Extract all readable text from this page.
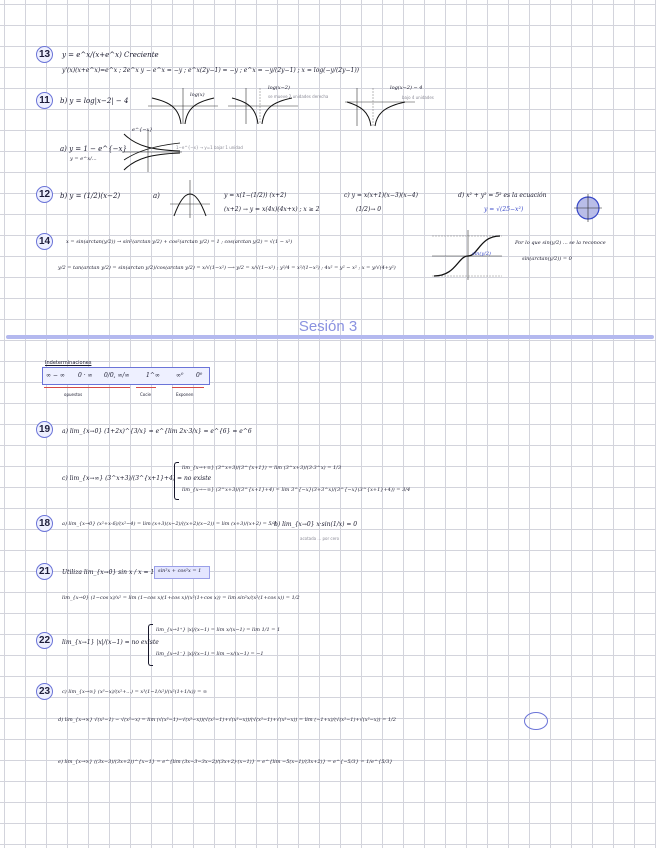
13	y = e^x/(x+e^x) Creciente
y'(x)(x+e^x)=e^x ; 2e^x y − e^x = −y ; e^x(2y−1) = −y ; e^x = −y/(2y−1) ; x = log(−y/(2y−1))
11	b) y = log|x−2| − 4
log(x)
log(x−2)
se mueve 2 unidades derecha
log(x−2) − 4
bajo 4 unidades
a) y = 1 − e^{−x}
y = e^x/...
e^{−x}
1−e^{−x} → y=1 bajar 1 unidad
12	b) y = (1/2)(x−2)	a)	y = x(1−(1/2)) (x+2)
(x+2) → y = x(4x)(4x+x) ; x ≥ 2
c) y = x(x+1)(x−3)(x−4)
(1/2)→ 0
d) x² + y² = 5² es la ecuación
y = √(25−x²)
14	x = sin(arctan(y/2)) → sin²(arctan y/2) + cos²(arctan y/2) = 1 ; cos(arctan y/2) = √(1 − x²)
y/2 = tan(arctan y/2) = sin(arctan y/2)/cos(arctan y/2) = x/√(1−x²) ⟶ y/2 = x/√(1−x²) ; y²/4 = x²/(1−x²) ; 4x² = y² − x² ; x = y/√(4+y²)
sin(y/2)
Por lo que sin(y/2) ... se la reconoce
sin(arctan(y/2)) = 0
Sesión 3
Indeterminaciones
∞ − ∞ 0 · ∞ 0/0, ∞/∞	1^∞	∞⁰ 0⁰
opuestos	Cocie	Exponen
19	a) lim_{x→0} (1+2x)^{3/x} = e^{lim 2x·3/x} = e^{6} = e^6
c) lim_{x→∞} (3^x+3)/(3^{x+1}+4) = no existe
lim_{x→+∞} (3^x+3)/(3^{x+1}) = lim (3^x+3)/(3·3^x) = 1/3
lim_{x→−∞} (3^x+3)/(3^{x+1}+4) = lim 3^{−x}(3+3^x)/(3^{−x}(3^{x+1}+4)) = 3/4
18	a) lim_{x→0} (x²+x·6)/(x²−4) = lim (x+3)(x−2)/((x+2)(x−2)) = lim (x+3)/(x+2) = 5/4
b) lim_{x→0} x·sin(1/x) = 0
acotada ... por cero
21	Utiliza lim_{x→0} sin x / x = 1 sin²x + cos²x = 1
lim_{x→0} (1−cos x)/x² = lim (1−cos x)(1+cos x)/(x²(1+cos x)) = lim sin²x/(x²(1+cos x)) = 1/2
22	lim_{x→1} |x|/(x−1) = no existe
lim_{x→1⁺} |x|/(x−1) = lim x/(x−1) = lim 1/1 = 1
lim_{x→1⁻} |x|/(x−1) = lim −x/(x−1) = −1
23	c) lim_{x→∞} (x³−x)/(x²+...) = x³(1−1/x²)/(x²(1+1/x)) = ∞
d) lim_{x→∞} √(x²−1) − √(x²−x) = lim (√(x²−1)−√(x²−x))(√(x²−1)+√(x²−x))/(√(x²−1)+√(x²−x)) = lim (−1+x)/(√(x²−1)+√(x²−x)) = 1/2
e) lim_{x→∞} ((3x−3)/(3x+2))^{x−1} = e^{lim (3x−3−3x−2)/(3x+2)·(x−1)} = e^{lim −5(x−1)/(3x+2)} = e^{−5/3} = 1/e^{5/3}
